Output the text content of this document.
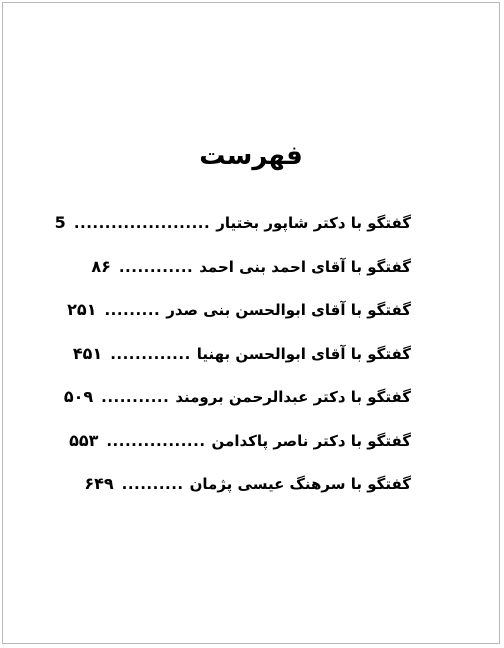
فهرست
گفتگو با دکتر شاپور بختیار
......................
5
گفتگو با آقای احمد بنی احمد
............
۸۶
گفتگو با آقای ابوالحسن بنی صدر
.........
۲۵۱
گفتگو با آقای ابوالحسن بهنیا
.............
۴۵۱
گفتگو با دکتر عبدالرحمن برومند
...........
۵۰۹
گفتگو با دکتر ناصر پاکدامن
................
۵۵۳
گفتگو با سرهنگ عیسی پژمان
..........
۶۴۹
